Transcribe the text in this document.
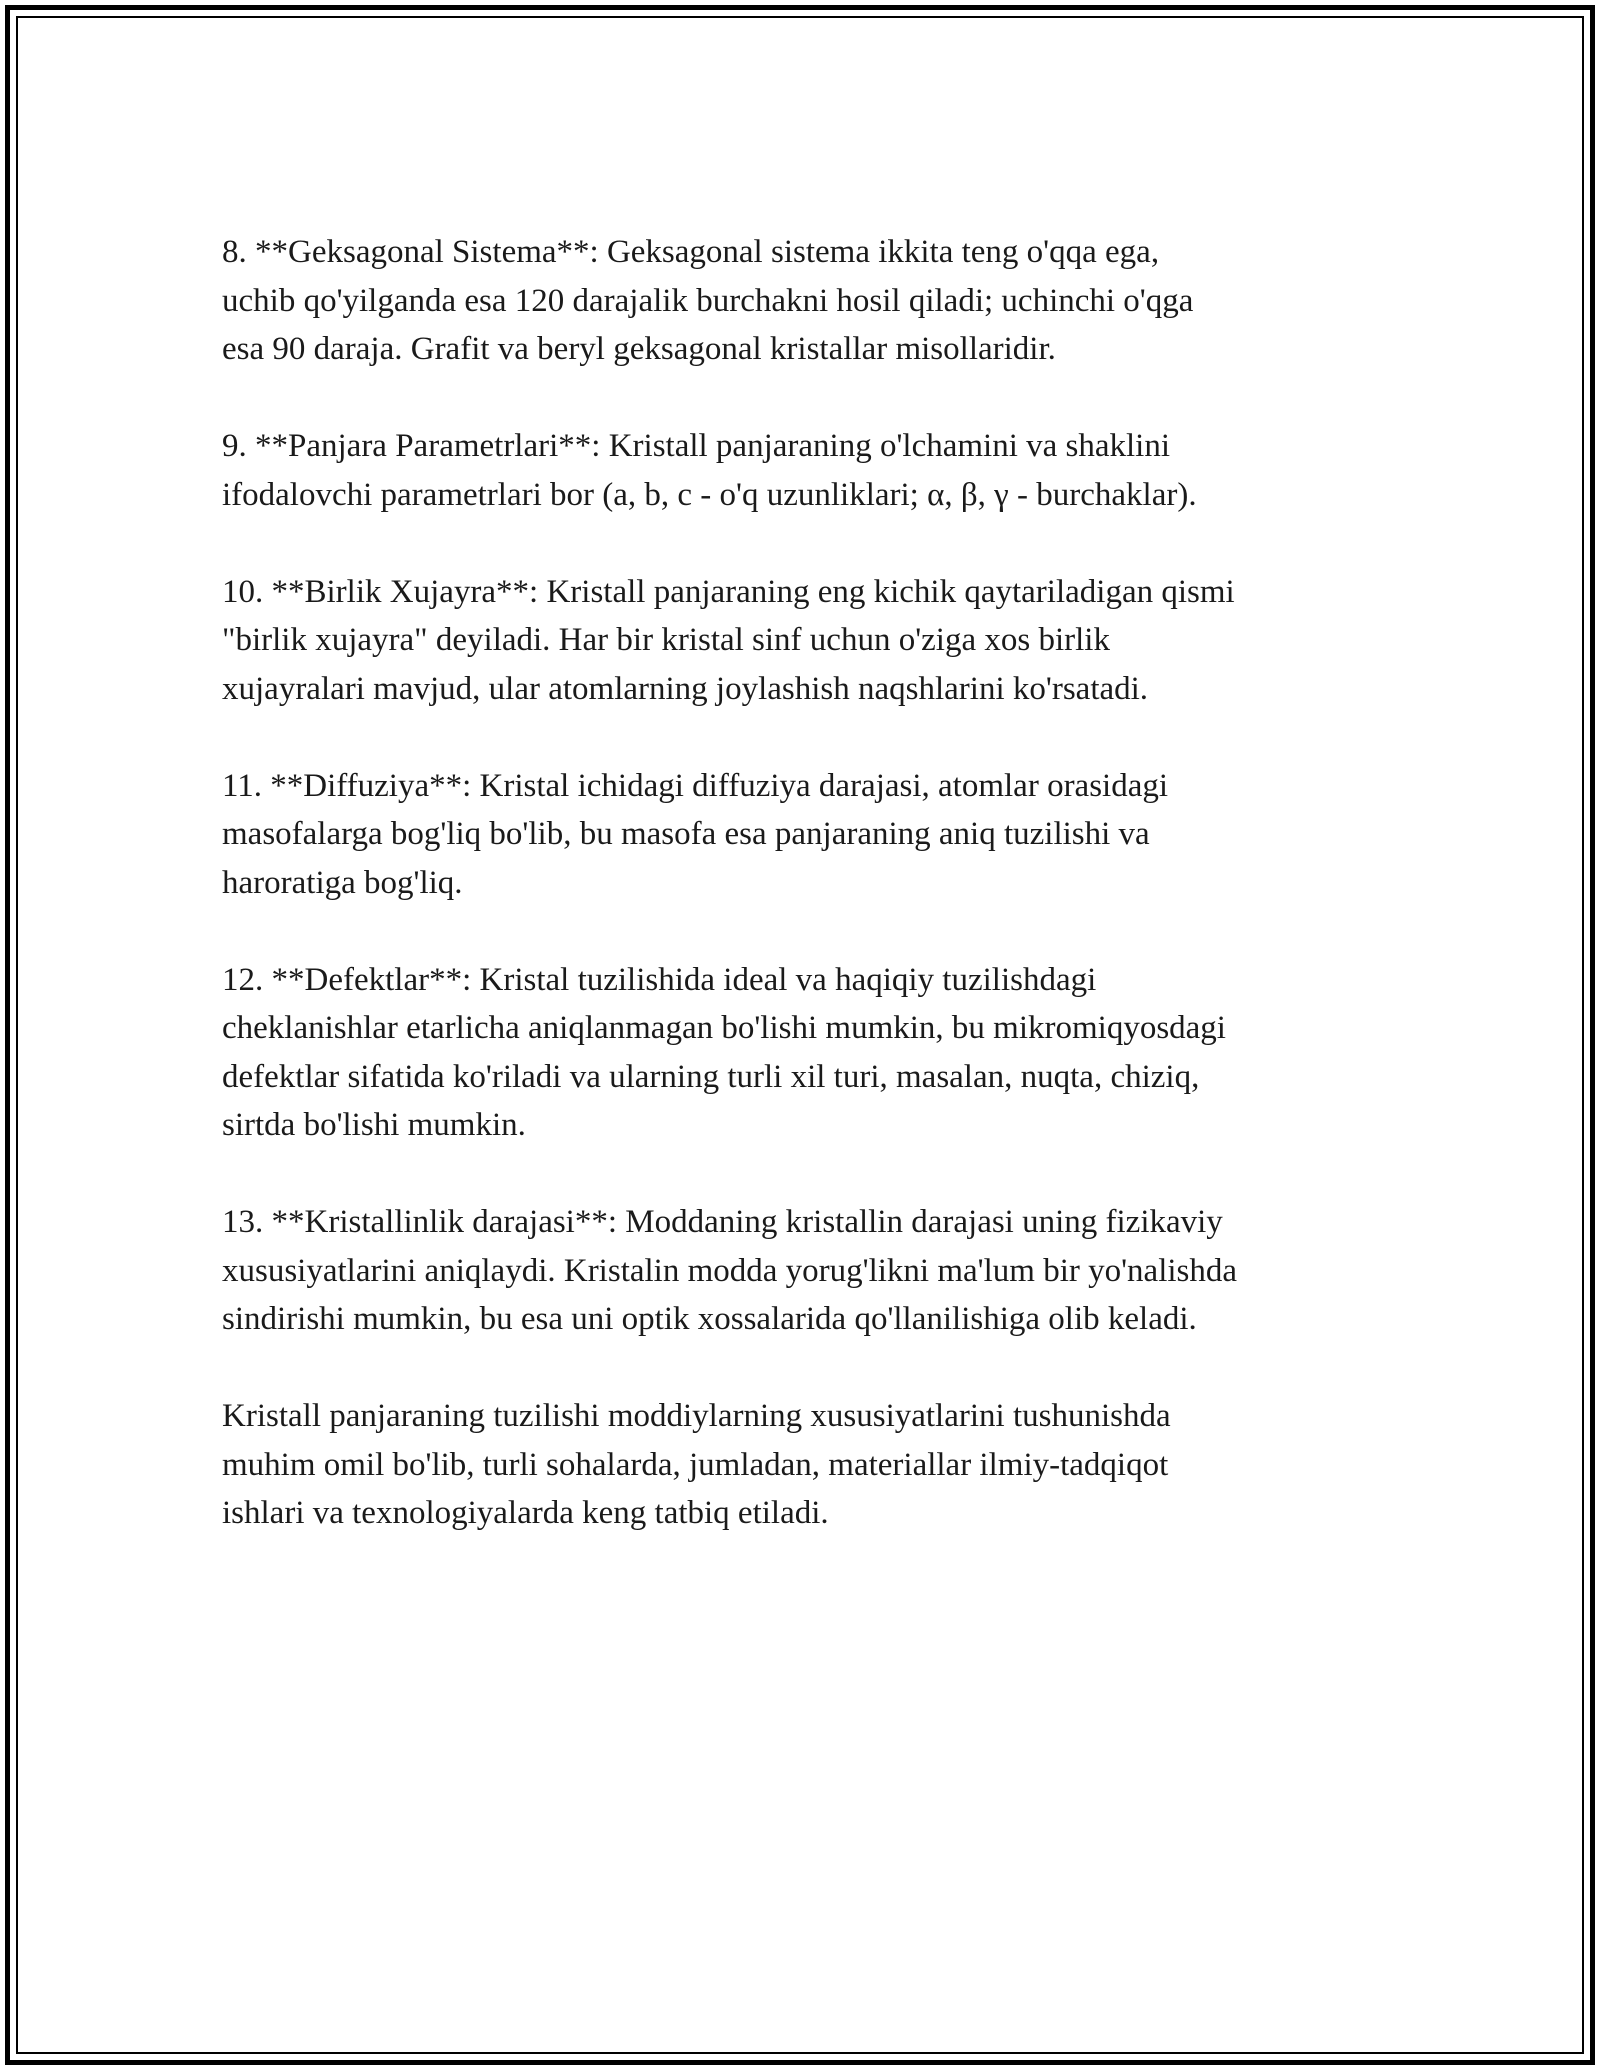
8. **Geksagonal Sistema**: Geksagonal sistema ikkita teng o'qqa ega,
uchib qo'yilganda esa 120 darajalik burchakni hosil qiladi; uchinchi o'qga
esa 90 daraja. Grafit va beryl geksagonal kristallar misollaridir.

9. **Panjara Parametrlari**: Kristall panjaraning o'lchamini va shaklini
ifodalovchi parametrlari bor (a, b, c - o'q uzunliklari; α, β, γ - burchaklar).

10. **Birlik Xujayra**: Kristall panjaraning eng kichik qaytariladigan qismi
"birlik xujayra" deyiladi. Har bir kristal sinf uchun o'ziga xos birlik
xujayralari mavjud, ular atomlarning joylashish naqshlarini ko'rsatadi.

11. **Diffuziya**: Kristal ichidagi diffuziya darajasi, atomlar orasidagi
masofalarga bog'liq bo'lib, bu masofa esa panjaraning aniq tuzilishi va
haroratiga bog'liq.

12. **Defektlar**: Kristal tuzilishida ideal va haqiqiy tuzilishdagi
cheklanishlar etarlicha aniqlanmagan bo'lishi mumkin, bu mikromiqyosdagi
defektlar sifatida ko'riladi va ularning turli xil turi, masalan, nuqta, chiziq,
sirtda bo'lishi mumkin.

13. **Kristallinlik darajasi**: Moddaning kristallin darajasi uning fizikaviy
xususiyatlarini aniqlaydi. Kristalin modda yorug'likni ma'lum bir yo'nalishda
sindirishi mumkin, bu esa uni optik xossalarida qo'llanilishiga olib keladi.

Kristall panjaraning tuzilishi moddiylarning xususiyatlarini tushunishda
muhim omil bo'lib, turli sohalarda, jumladan, materiallar ilmiy-tadqiqot
ishlari va texnologiyalarda keng tatbiq etiladi.
